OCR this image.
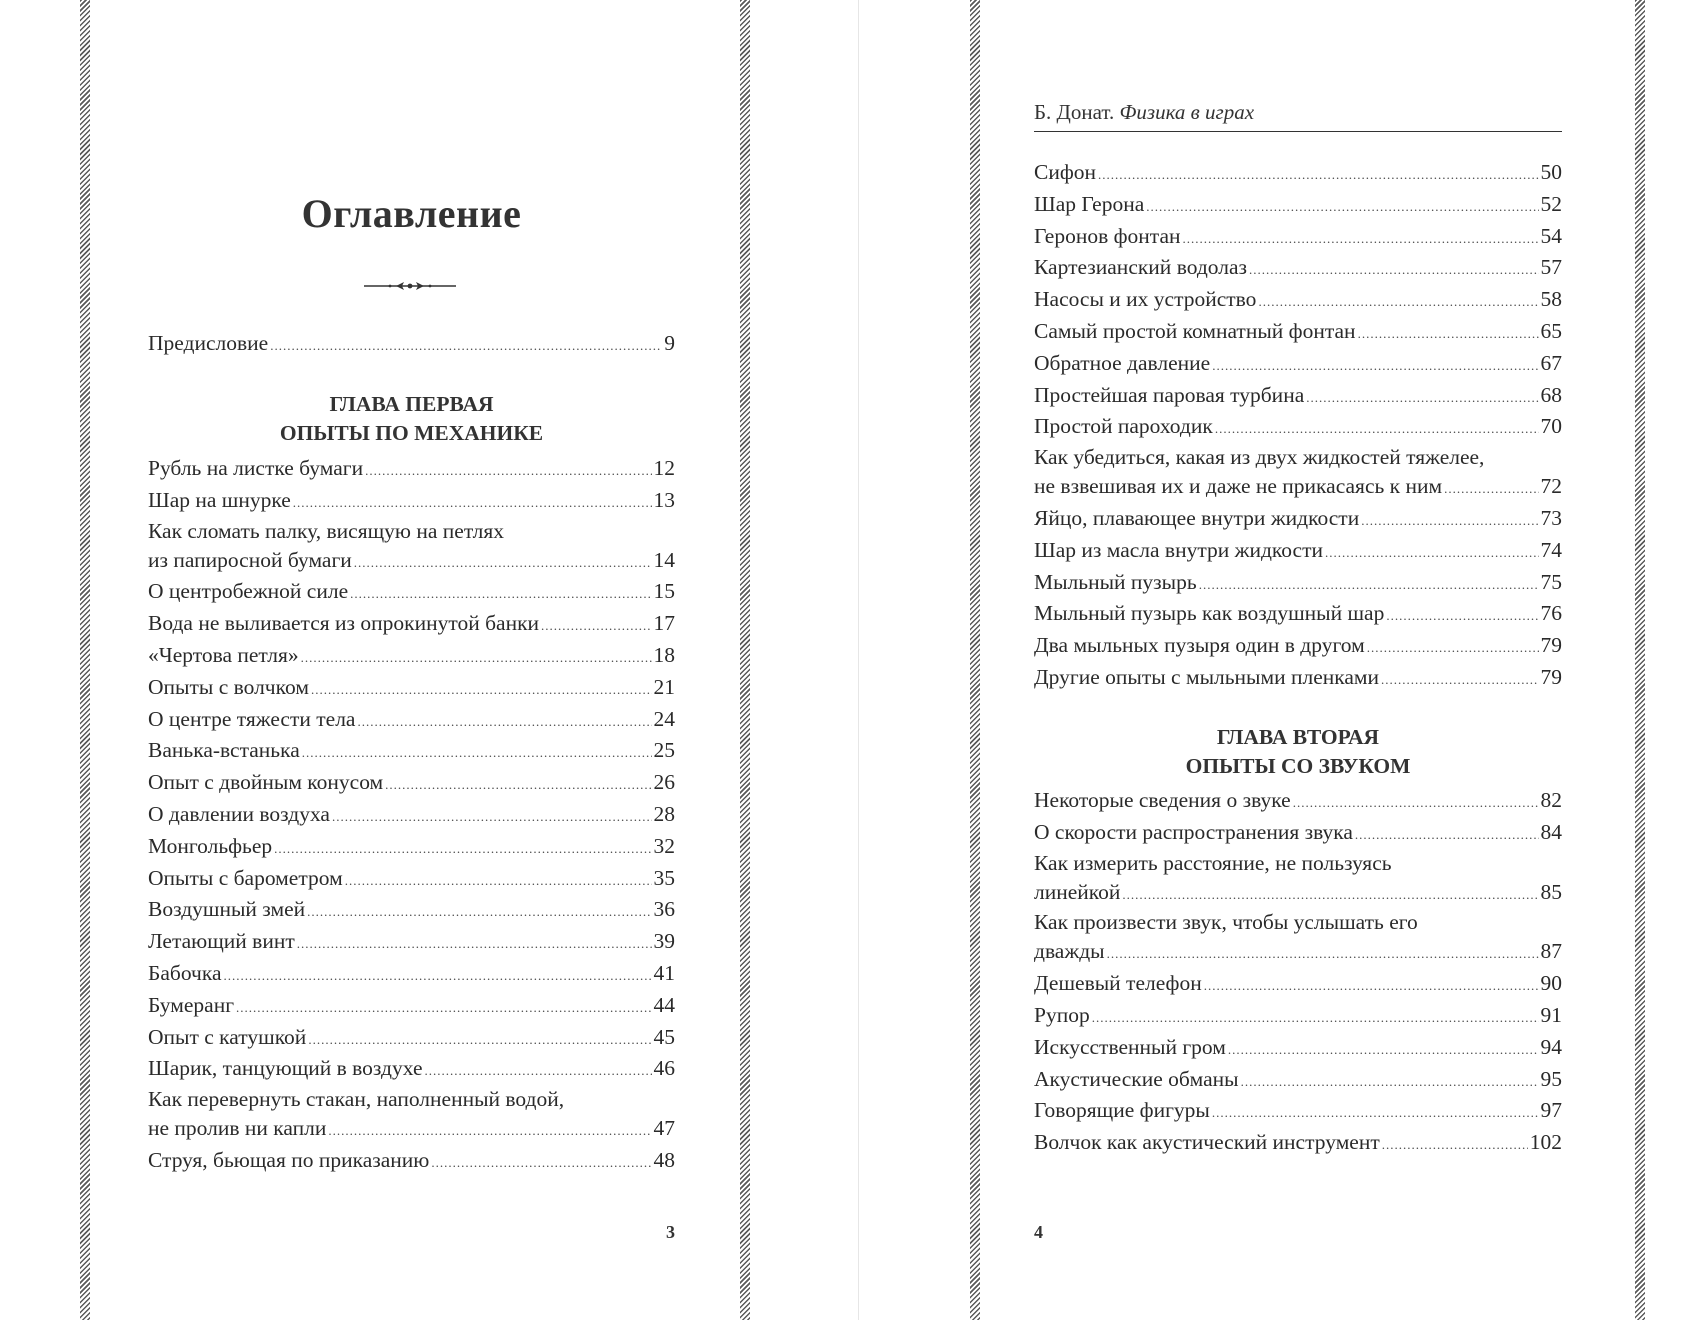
Оглавление
Предисловие .....	9
ГЛАВА ПЕРВАЯ
ОПЫТЫ ПО МЕХАНИКЕ
Рубль на листке бумаги .....	12
Шар на шнурке .....	13
Как сломать палку, висящую на петлях
из папиросной бумаги .....	14
О центробежной силе .....	15
Вода не выливается из опрокинутой банки .....	17
«Чертова петля» .....	18
Опыты с волчком .....	21
О центре тяжести тела .....	24
Ванька-встанька .....	25
Опыт с двойным конусом .....	26
О давлении воздуха .....	28
Монгольфьер .....	32
Опыты с барометром .....	35
Воздушный змей .....	36
Летающий винт .....	39
Бабочка .....	41
Бумеранг .....	44
Опыт с катушкой .....	45
Шарик, танцующий в воздухе .....	46
Как перевернуть стакан, наполненный водой,
не пролив ни капли .....	47
Струя, бьющая по приказанию .....	48
3
Б. Донат. Физика в играх
Сифон .....	50
Шар Герона .....	52
Геронов фонтан .....	54
Картезианский водолаз .....	57
Насосы и их устройство .....	58
Самый простой комнатный фонтан .....	65
Обратное давление .....	67
Простейшая паровая турбина .....	68
Простой пароходик .....	70
Как убедиться, какая из двух жидкостей тяжелее,
не взвешивая их и даже не прикасаясь к ним .....	72
Яйцо, плавающее внутри жидкости .....	73
Шар из масла внутри жидкости .....	74
Мыльный пузырь .....	75
Мыльный пузырь как воздушный шар .....	76
Два мыльных пузыря один в другом .....	79
Другие опыты с мыльными пленками .....	79
ГЛАВА ВТОРАЯ
ОПЫТЫ СО ЗВУКОМ
Некоторые сведения о звуке .....	82
О скорости распространения звука .....	84
Как измерить расстояние, не пользуясь
линейкой .....	85
Как произвести звук, чтобы услышать его
дважды .....	87
Дешевый телефон .....	90
Рупор .....	91
Искусственный гром .....	94
Акустические обманы .....	95
Говорящие фигуры .....	97
Волчок как акустический инструмент .....	102
4
